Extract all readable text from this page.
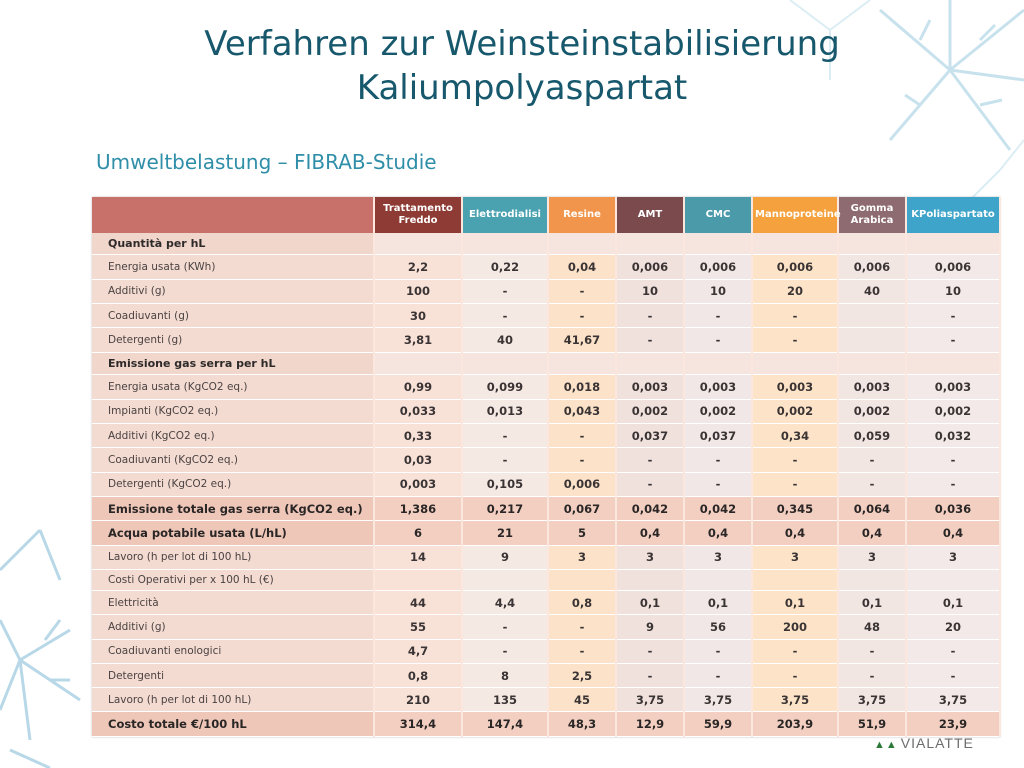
Verfahren zur Weinsteinstabilisierung
Kaliumpolyaspartat
Umweltbelastung – FIBRAB-Studie
	Trattamento Freddo	Elettrodialisi	Resine	AMT	CMC	Mannoproteine	Gomma Arabica	KPoliaspartato
Quantità per hL								
Energia usata (KWh)	2,2	0,22	0,04	0,006	0,006	0,006	0,006	0,006
Additivi (g)	100	-	-	10	10	20	40	10
Coadiuvanti (g)	30	-	-	-	-	-		-
Detergenti (g)	3,81	40	41,67	-	-	-		-
Emissione gas serra per hL								
Energia usata (KgCO2 eq.)	0,99	0,099	0,018	0,003	0,003	0,003	0,003	0,003
Impianti (KgCO2 eq.)	0,033	0,013	0,043	0,002	0,002	0,002	0,002	0,002
Additivi (KgCO2 eq.)	0,33	-	-	0,037	0,037	0,34	0,059	0,032
Coadiuvanti (KgCO2 eq.)	0,03	-	-	-	-	-	-	-
Detergenti (KgCO2 eq.)	0,003	0,105	0,006	-	-	-	-	-
Emissione totale gas serra (KgCO2 eq.)	1,386	0,217	0,067	0,042	0,042	0,345	0,064	0,036
Acqua potabile usata (L/hL)	6	21	5	0,4	0,4	0,4	0,4	0,4
Lavoro (h per lot di 100 hL)	14	9	3	3	3	3	3	3
Costi Operativi per x 100 hL (€)								
Elettricità	44	4,4	0,8	0,1	0,1	0,1	0,1	0,1
Additivi (g)	55	-	-	9	56	200	48	20
Coadiuvanti enologici	4,7	-	-	-	-	-	-	-
Detergenti	0,8	8	2,5	-	-	-	-	-
Lavoro (h per lot di 100 hL)	210	135	45	3,75	3,75	3,75	3,75	3,75
Costo totale €/100 hL	314,4	147,4	48,3	12,9	59,9	203,9	51,9	23,9
▲▲ VIALATTE
